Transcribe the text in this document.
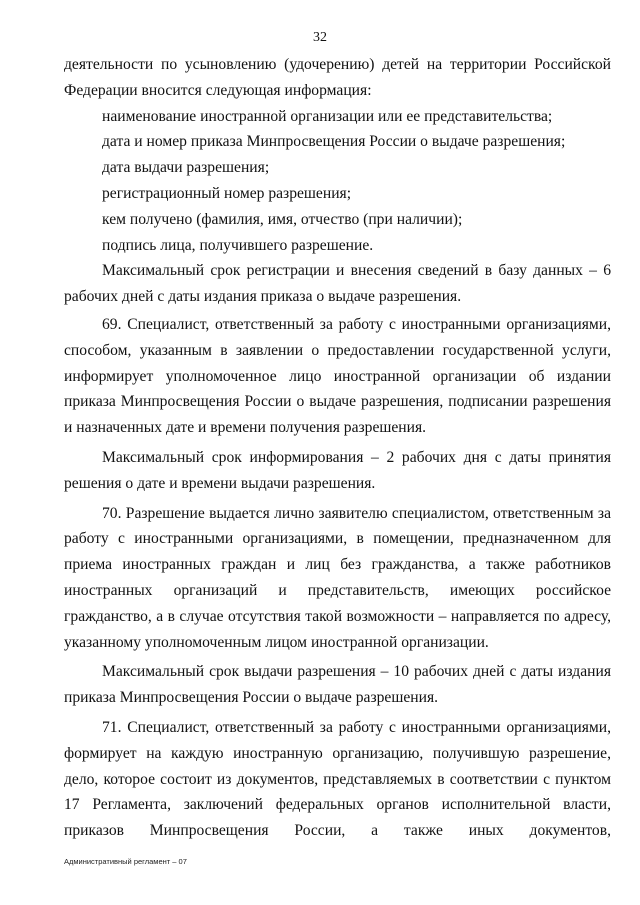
32

деятельности по усыновлению (удочерению) детей на территории Российской Федерации вносится следующая информация:

наименование иностранной организации или ее представительства;

дата и номер приказа Минпросвещения России о выдаче разрешения;

дата выдачи разрешения;

регистрационный номер разрешения;

кем получено (фамилия, имя, отчество (при наличии);

подпись лица, получившего разрешение.

Максимальный срок регистрации и внесения сведений в базу данных – 6 рабочих дней с даты издания приказа о выдаче разрешения.

69. Специалист, ответственный за работу с иностранными организациями, способом, указанным в заявлении о предоставлении государственной услуги, информирует уполномоченное лицо иностранной организации об издании приказа Минпросвещения России о выдаче разрешения, подписании разрешения и назначенных дате и времени получения разрешения.

Максимальный срок информирования – 2 рабочих дня с даты принятия решения о дате и времени выдачи разрешения.

70. Разрешение выдается лично заявителю специалистом, ответственным за работу с иностранными организациями, в помещении, предназначенном для приема иностранных граждан и лиц без гражданства, а также работников иностранных организаций и представительств, имеющих российское гражданство, а в случае отсутствия такой возможности – направляется по адресу, указанному уполномоченным лицом иностранной организации.

Максимальный срок выдачи разрешения – 10 рабочих дней с даты издания приказа Минпросвещения России о выдаче разрешения.

71. Специалист, ответственный за работу с иностранными организациями, формирует на каждую иностранную организацию, получившую разрешение, дело, которое состоит из документов, представляемых в соответствии с пунктом 17 Регламента, заключений федеральных органов исполнительной власти, приказов Минпросвещения России, а также иных документов,

Административный регламент – 07
